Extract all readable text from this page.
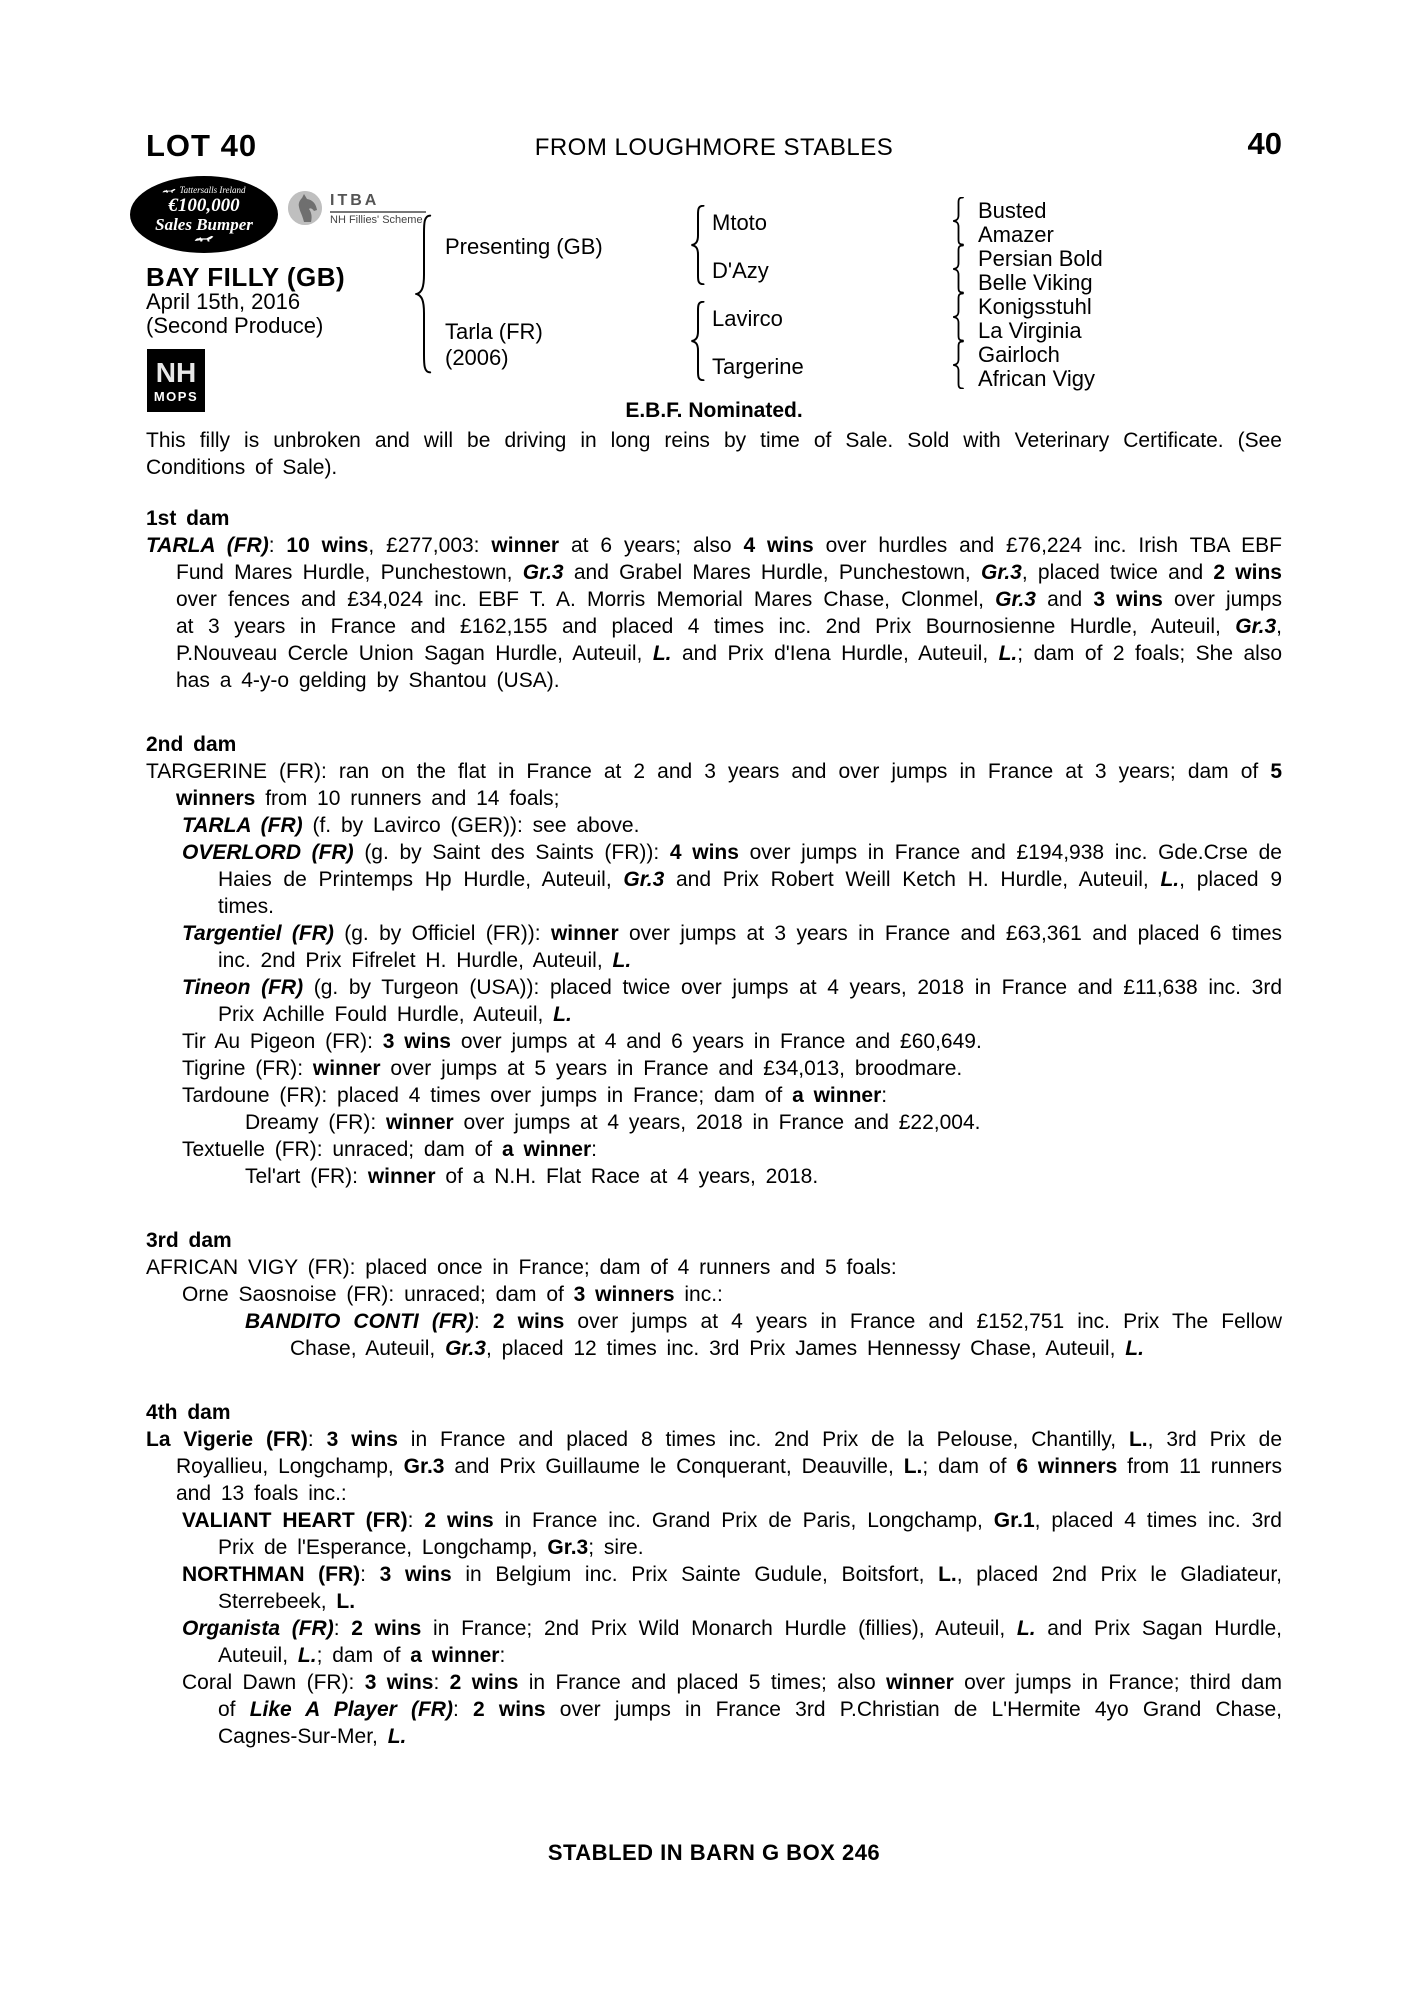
LOT 40	FROM LOUGHMORE STABLES	40
Tattersalls Ireland
€100,000
Sales Bumper
ITBA
NH Fillies' Scheme
BAY FILLY (GB)
April 15th, 2016
(Second Produce)
NH
MOPS
Presenting (GB)
Tarla (FR)
(2006)
Mtoto
D'Azy
Lavirco
Targerine
Busted
Amazer
Persian Bold
Belle Viking
Konigsstuhl
La Virginia
Gairloch
African Vigy
E.B.F. Nominated.
This filly is unbroken and will be driving in long reins by time of Sale. Sold with Veterinary Certificate. (See Conditions of Sale).
1st dam

TARLA (FR): 10 wins, £277,003: winner at 6 years; also 4 wins over hurdles and £76,224 inc. Irish TBA EBF Fund Mares Hurdle, Punchestown, Gr.3 and Grabel Mares Hurdle, Punchestown, Gr.3, placed twice and 2 wins over fences and £34,024 inc. EBF T. A. Morris Memorial Mares Chase, Clonmel, Gr.3 and 3 wins over jumps at 3 years in France and £162,155 and placed 4 times inc. 2nd Prix Bournosienne Hurdle, Auteuil, Gr.3, P.Nouveau Cercle Union Sagan Hurdle, Auteuil, L. and Prix d'Iena Hurdle, Auteuil, L.; dam of 2 foals; She also has a 4-y-o gelding by Shantou (USA).

2nd dam

TARGERINE (FR): ran on the flat in France at 2 and 3 years and over jumps in France at 3 years; dam of 5 winners from 10 runners and 14 foals;

TARLA (FR) (f. by Lavirco (GER)): see above.

OVERLORD (FR) (g. by Saint des Saints (FR)): 4 wins over jumps in France and £194,938 inc. Gde.Crse de Haies de Printemps Hp Hurdle, Auteuil, Gr.3 and Prix Robert Weill Ketch H. Hurdle, Auteuil, L., placed 9 times.

Targentiel (FR) (g. by Officiel (FR)): winner over jumps at 3 years in France and £63,361 and placed 6 times inc. 2nd Prix Fifrelet H. Hurdle, Auteuil, L.

Tineon (FR) (g. by Turgeon (USA)): placed twice over jumps at 4 years, 2018 in France and £11,638 inc. 3rd Prix Achille Fould Hurdle, Auteuil, L.

Tir Au Pigeon (FR): 3 wins over jumps at 4 and 6 years in France and £60,649.

Tigrine (FR): winner over jumps at 5 years in France and £34,013, broodmare.

Tardoune (FR): placed 4 times over jumps in France; dam of a winner:

Dreamy (FR): winner over jumps at 4 years, 2018 in France and £22,004.

Textuelle (FR): unraced; dam of a winner:

Tel'art (FR): winner of a N.H. Flat Race at 4 years, 2018.

3rd dam

AFRICAN VIGY (FR): placed once in France; dam of 4 runners and 5 foals:

Orne Saosnoise (FR): unraced; dam of 3 winners inc.:

BANDITO CONTI (FR): 2 wins over jumps at 4 years in France and £152,751 inc. Prix The Fellow Chase, Auteuil, Gr.3, placed 12 times inc. 3rd Prix James Hennessy Chase, Auteuil, L.

4th dam

La Vigerie (FR): 3 wins in France and placed 8 times inc. 2nd Prix de la Pelouse, Chantilly, L., 3rd Prix de Royallieu, Longchamp, Gr.3 and Prix Guillaume le Conquerant, Deauville, L.; dam of 6 winners from 11 runners and 13 foals inc.:

VALIANT HEART (FR): 2 wins in France inc. Grand Prix de Paris, Longchamp, Gr.1, placed 4 times inc. 3rd Prix de l'Esperance, Longchamp, Gr.3; sire.

NORTHMAN (FR): 3 wins in Belgium inc. Prix Sainte Gudule, Boitsfort, L., placed 2nd Prix le Gladiateur, Sterrebeek, L.

Organista (FR): 2 wins in France; 2nd Prix Wild Monarch Hurdle (fillies), Auteuil, L. and Prix Sagan Hurdle, Auteuil, L.; dam of a winner:

Coral Dawn (FR): 3 wins: 2 wins in France and placed 5 times; also winner over jumps in France; third dam of Like A Player (FR): 2 wins over jumps in France 3rd P.Christian de L'Hermite 4yo Grand Chase, Cagnes-Sur-Mer, L.

STABLED IN BARN G BOX 246
